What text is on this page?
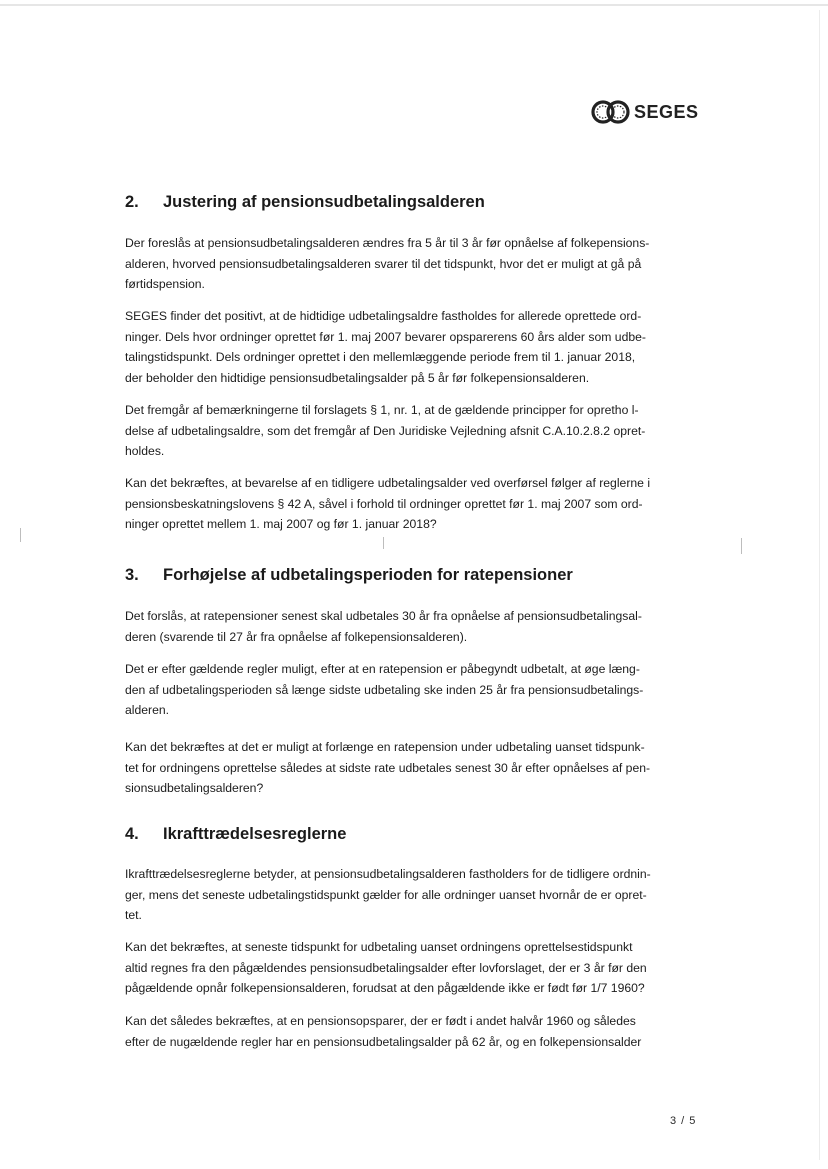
SEGES
2.	Justering af pensionsudbetalingsalderen
Der foreslås at pensionsudbetalingsalderen ændres fra 5 år til 3 år før opnåelse af folkepensions-
alderen, hvorved pensionsudbetalingsalderen svarer til det tidspunkt, hvor det er muligt at gå på
førtidspension.
SEGES finder det positivt, at de hidtidige udbetalingsaldre fastholdes for allerede oprettede ord-
ninger. Dels hvor ordninger oprettet før 1. maj 2007 bevarer opsparerens 60 års alder som udbe-
talingstidspunkt. Dels ordninger oprettet i den mellemlæggende periode frem til 1. januar 2018,
der beholder den hidtidige pensionsudbetalingsalder på 5 år før folkepensionsalderen.
Det fremgår af bemærkningerne til forslagets § 1, nr. 1, at de gældende principper for opretho l-
delse af udbetalingsaldre, som det fremgår af Den Juridiske Vejledning afsnit C.A.10.2.8.2 opret-
holdes.
Kan det bekræftes, at bevarelse af en tidligere udbetalingsalder ved overførsel følger af reglerne i
pensionsbeskatningslovens § 42 A, såvel i forhold til ordninger oprettet før 1. maj 2007 som ord-
ninger oprettet mellem 1. maj 2007 og før 1. januar 2018?
3.	Forhøjelse af udbetalingsperioden for ratepensioner
Det forslås, at ratepensioner senest skal udbetales 30 år fra opnåelse af pensionsudbetalingsal-
deren (svarende til 27 år fra opnåelse af folkepensionsalderen).
Det er efter gældende regler muligt, efter at en ratepension er påbegyndt udbetalt, at øge læng-
den af udbetalingsperioden så længe sidste udbetaling ske inden 25 år fra pensionsudbetalings-
alderen.
Kan det bekræftes at det er muligt at forlænge en ratepension under udbetaling uanset tidspunk-
tet for ordningens oprettelse således at sidste rate udbetales senest 30 år efter opnåelses af pen-
sionsudbetalingsalderen?
4.	Ikrafttrædelsesreglerne
Ikrafttrædelsesreglerne betyder, at pensionsudbetalingsalderen fastholders for de tidligere ordnin-
ger, mens det seneste udbetalingstidspunkt gælder for alle ordninger uanset hvornår de er opret-
tet.
Kan det bekræftes, at seneste tidspunkt for udbetaling uanset ordningens oprettelsestidspunkt
altid regnes fra den pågældendes pensionsudbetalingsalder efter lovforslaget, der er 3 år før den
pågældende opnår folkepensionsalderen, forudsat at den pågældende ikke er født før 1/7 1960?
Kan det således bekræftes, at en pensionsopsparer, der er født i andet halvår 1960 og således
efter de nugældende regler har en pensionsudbetalingsalder på 62 år, og en folkepensionsalder
3 / 5
